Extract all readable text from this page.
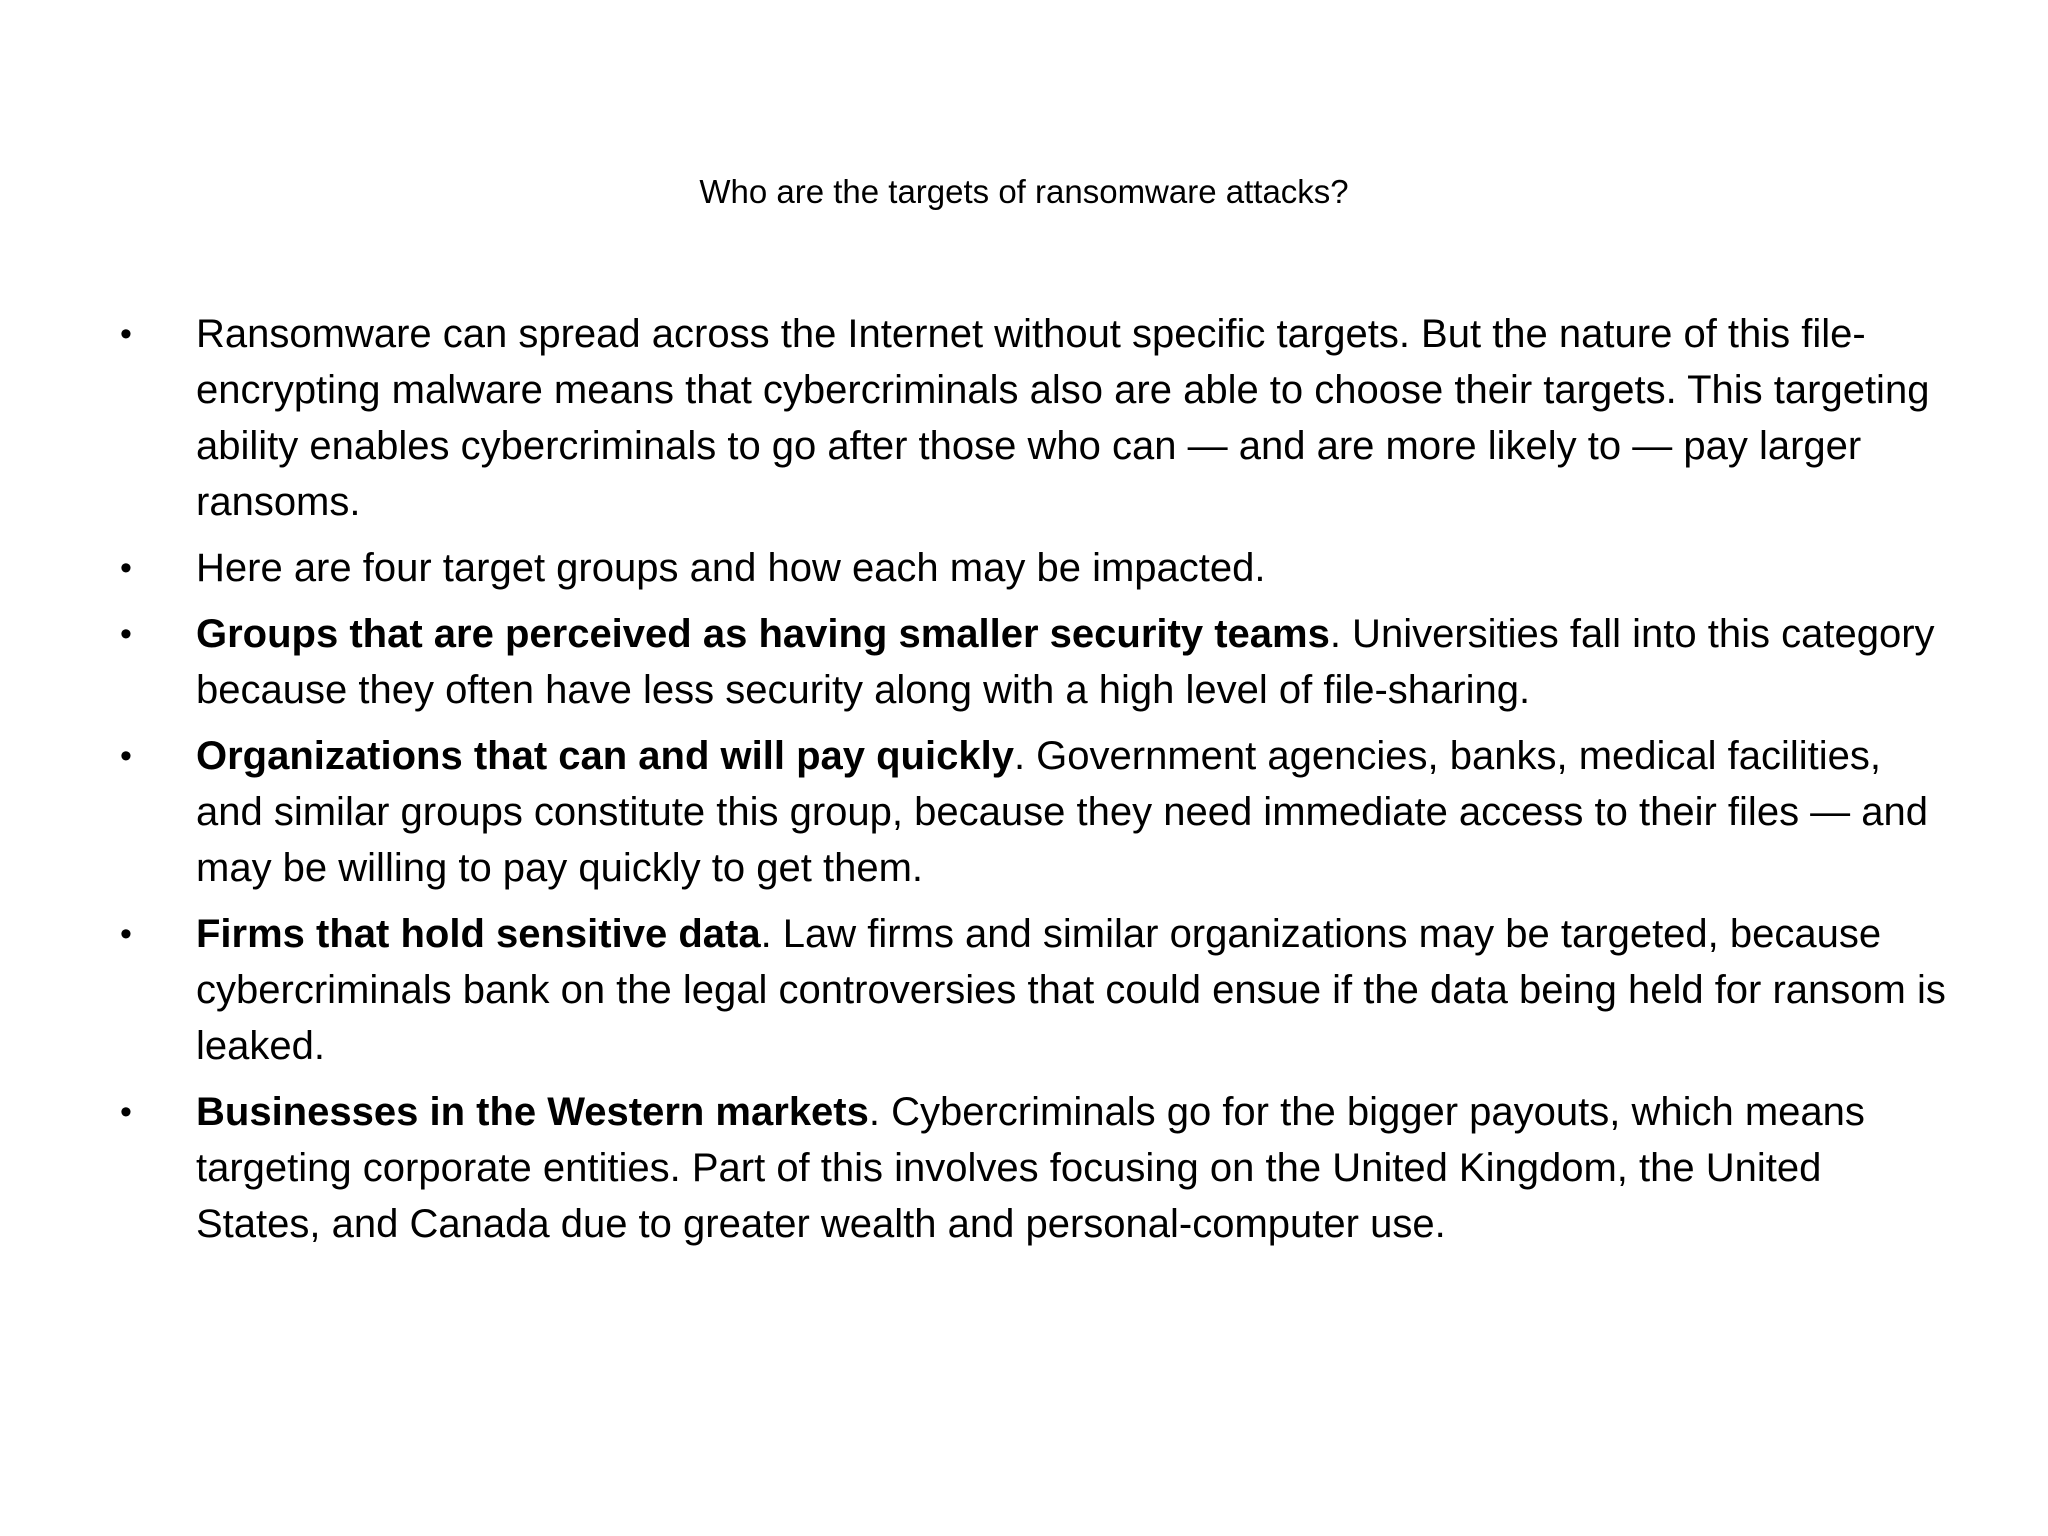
Who are the targets of ransomware attacks?
•	Ransomware can spread across the Internet without specific targets. But the nature of this file-encrypting malware means that cybercriminals also are able to choose their targets. This targeting ability enables cybercriminals to go after those who can — and are more likely to — pay larger ransoms.
•	Here are four target groups and how each may be impacted.
•	Groups that are perceived as having smaller security teams. Universities fall into this category because they often have less security along with a high level of file-sharing.
•	Organizations that can and will pay quickly. Government agencies, banks, medical facilities, and similar groups constitute this group, because they need immediate access to their files — and may be willing to pay quickly to get them.
•	Firms that hold sensitive data. Law firms and similar organizations may be targeted, because cybercriminals bank on the legal controversies that could ensue if the data being held for ransom is leaked.
•	Businesses in the Western markets. Cybercriminals go for the bigger payouts, which means targeting corporate entities. Part of this involves focusing on the United Kingdom, the United States, and Canada due to greater wealth and personal-computer use.
